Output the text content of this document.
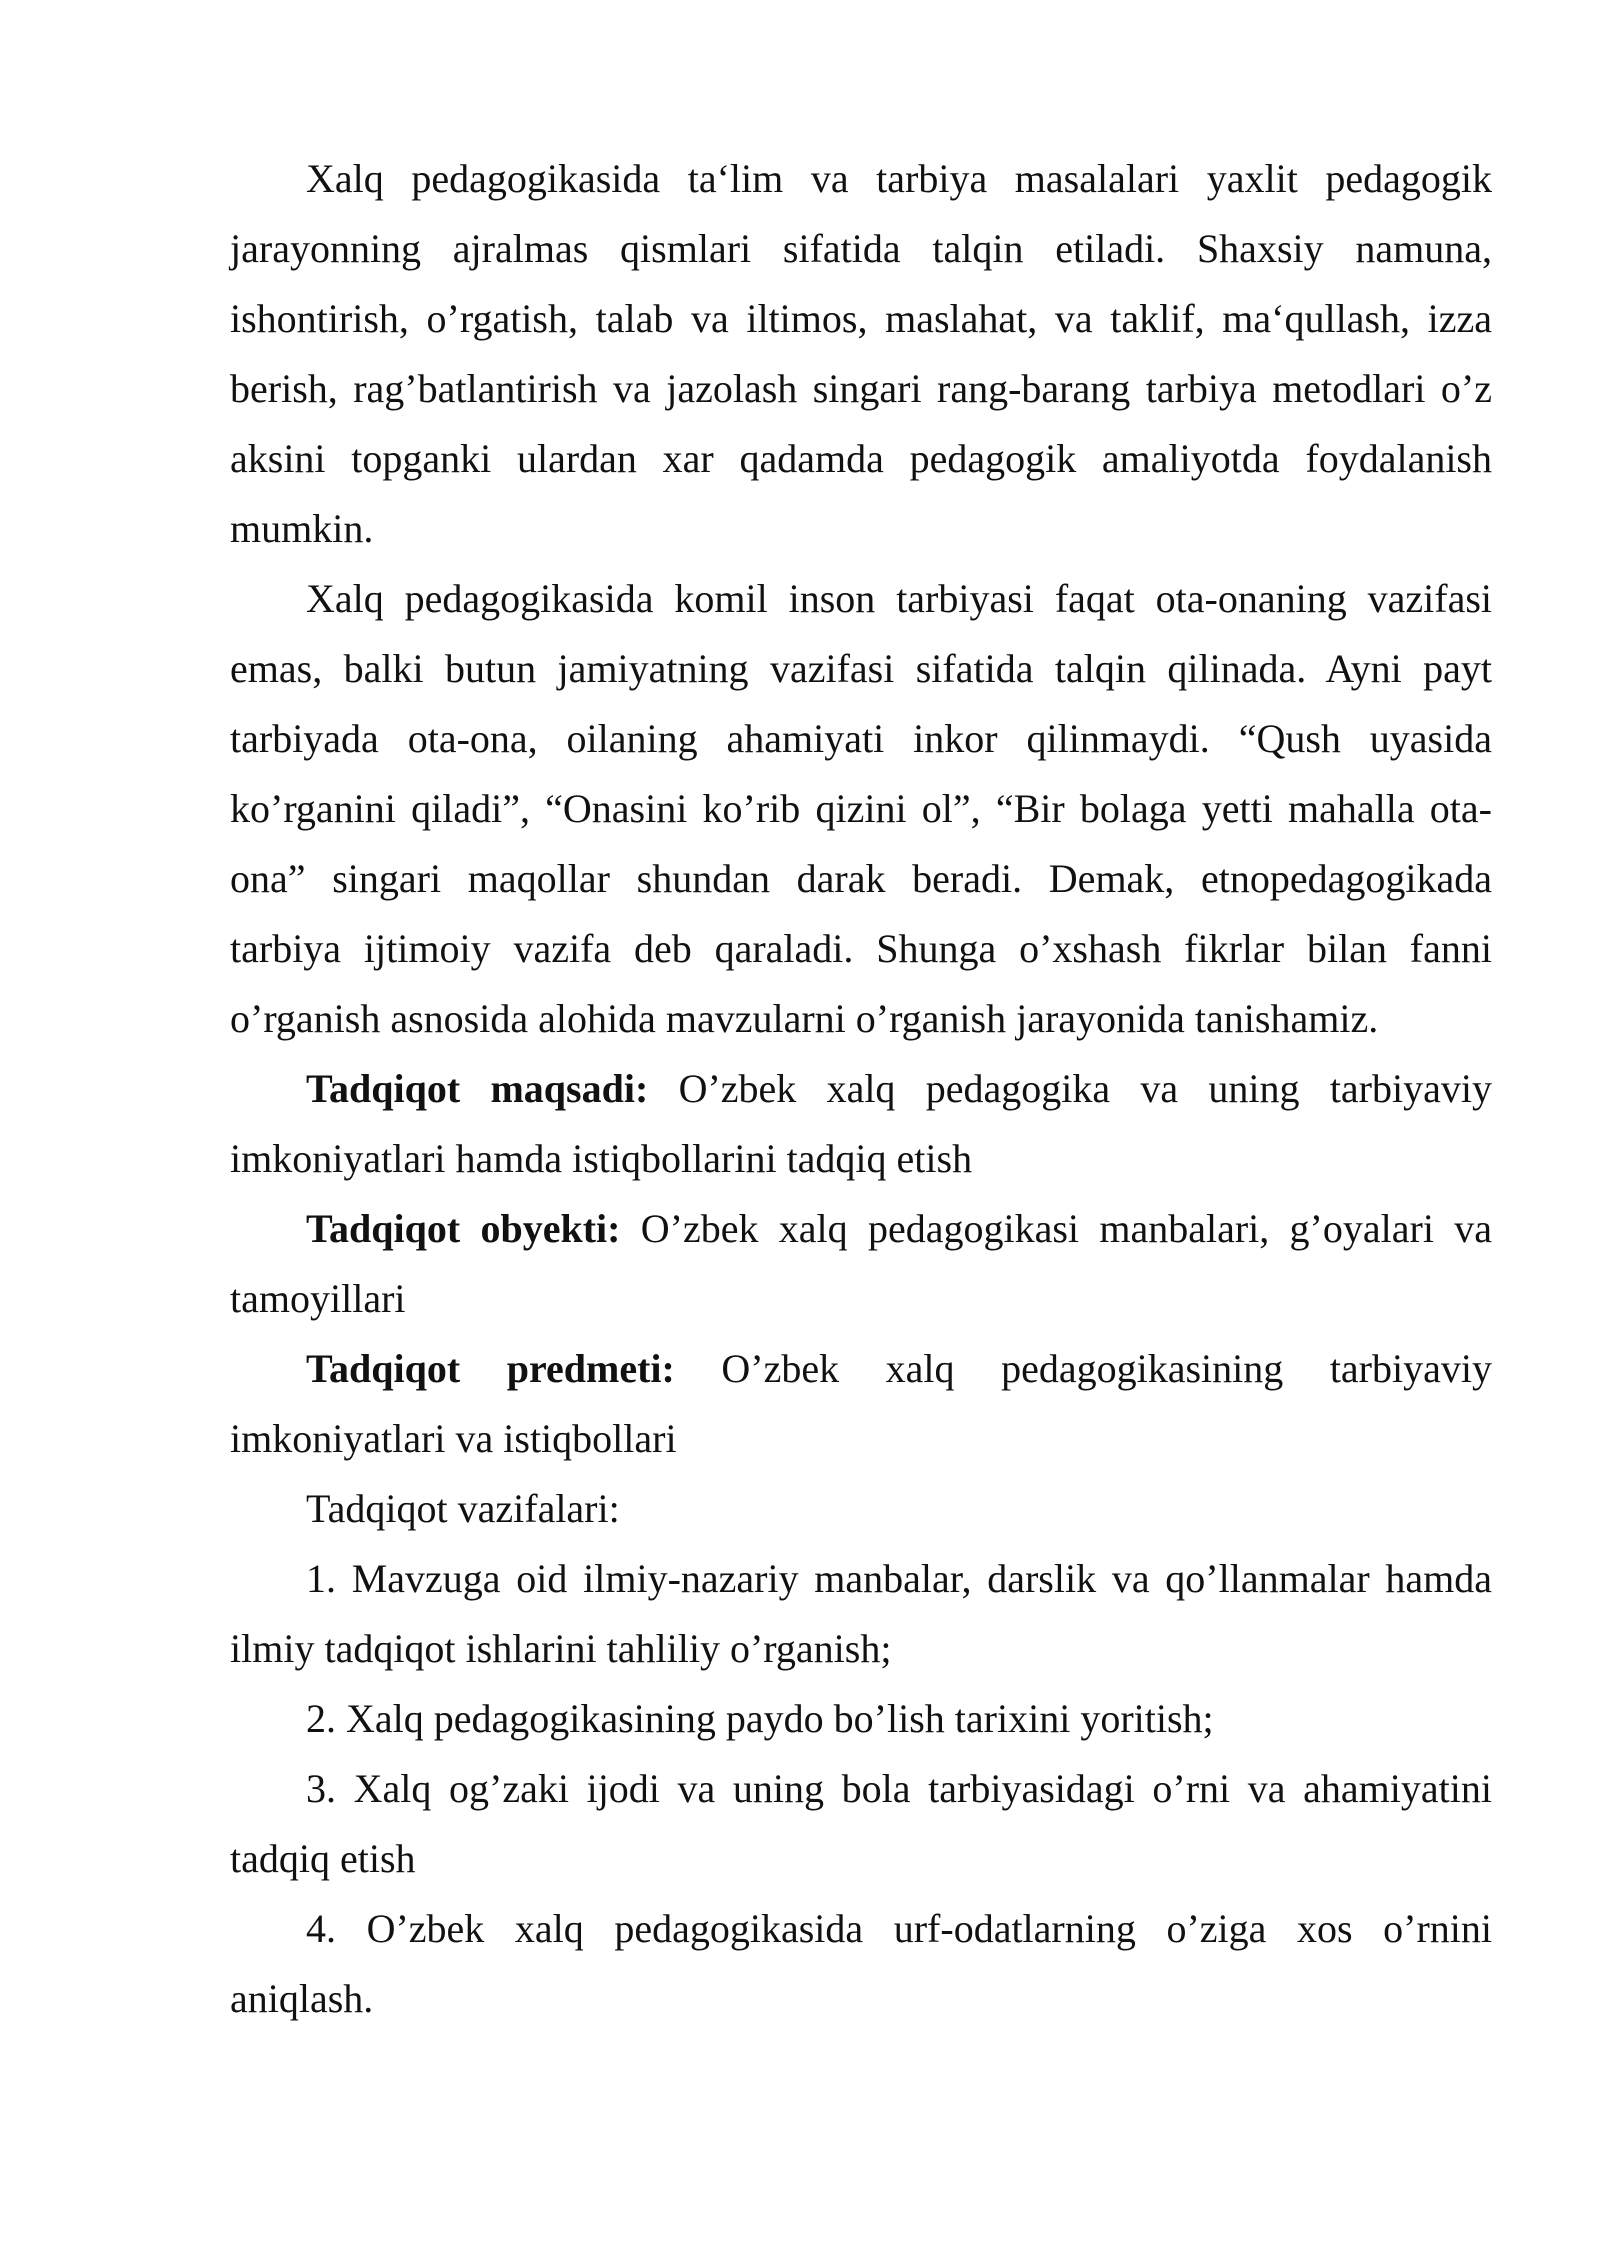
Xalq pedagogikasida ta‘lim va tarbiya masalalari yaxlit pedagogik jarayonning ajralmas qismlari sifatida talqin etiladi. Shaxsiy namuna, ishontirish, o’rgatish, talab va iltimos, maslahat, va taklif, ma‘qullash, izza berish, rag’batlantirish va jazolash singari rang-barang tarbiya metodlari o’z aksini topganki ulardan xar qadamda pedagogik amaliyotda foydalanish mumkin.

Xalq pedagogikasida komil inson tarbiyasi faqat ota-onaning vazifasi emas, balki butun jamiyatning vazifasi sifatida talqin qilinada. Ayni payt tarbiyada ota-ona, oilaning ahamiyati inkor qilinmaydi. “Qush uyasida ko’rganini qiladi”, “Onasini ko’rib qizini ol”, “Bir bolaga yetti mahalla ota-ona” singari maqollar shundan darak beradi. Demak, etnopedagogikada tarbiya ijtimoiy vazifa deb qaraladi. Shunga o’xshash fikrlar bilan fanni o’rganish asnosida alohida mavzularni o’rganish jarayonida tanishamiz.

Tadqiqot maqsadi: O’zbek xalq pedagogika va uning tarbiyaviy imkoniyatlari hamda istiqbollarini tadqiq etish

Tadqiqot obyekti: O’zbek xalq pedagogikasi manbalari, g’oyalari va tamoyillari

Tadqiqot predmeti: O’zbek xalq pedagogikasining tarbiyaviy imkoniyatlari va istiqbollari

Tadqiqot vazifalari:

1. Mavzuga oid ilmiy-nazariy manbalar, darslik va qo’llanmalar hamda ilmiy tadqiqot ishlarini tahliliy o’rganish;

2. Xalq pedagogikasining paydo bo’lish tarixini yoritish;

3. Xalq og’zaki ijodi va uning bola tarbiyasidagi o’rni va ahamiyatini tadqiq etish

4. O’zbek xalq pedagogikasida urf-odatlarning o’ziga xos o’rnini aniqlash.
